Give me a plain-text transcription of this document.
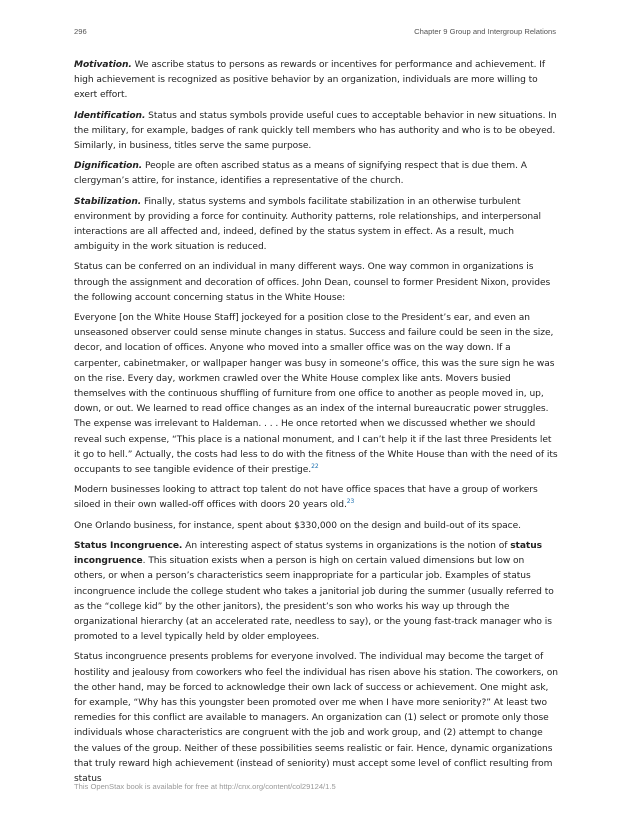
296	Chapter 9 Group and Intergroup Relations

Motivation. We ascribe status to persons as rewards or incentives for performance and achievement. If high achievement is recognized as positive behavior by an organization, individuals are more willing to exert effort.

Identification. Status and status symbols provide useful cues to acceptable behavior in new situations. In the military, for example, badges of rank quickly tell members who has authority and who is to be obeyed. Similarly, in business, titles serve the same purpose.

Dignification. People are often ascribed status as a means of signifying respect that is due them. A clergyman’s attire, for instance, identifies a representative of the church.

Stabilization. Finally, status systems and symbols facilitate stabilization in an otherwise turbulent environment by providing a force for continuity. Authority patterns, role relationships, and interpersonal interactions are all affected and, indeed, defined by the status system in effect. As a result, much ambiguity in the work situation is reduced.

Status can be conferred on an individual in many different ways. One way common in organizations is through the assignment and decoration of offices. John Dean, counsel to former President Nixon, provides the following account concerning status in the White House:

Everyone [on the White House Staff] jockeyed for a position close to the President’s ear, and even an unseasoned observer could sense minute changes in status. Success and failure could be seen in the size, decor, and location of offices. Anyone who moved into a smaller office was on the way down. If a carpenter, cabinetmaker, or wallpaper hanger was busy in someone’s office, this was the sure sign he was on the rise. Every day, workmen crawled over the White House complex like ants. Movers busied themselves with the continuous shuffling of furniture from one office to another as people moved in, up, down, or out. We learned to read office changes as an index of the internal bureaucratic power struggles. The expense was irrelevant to Haldeman. . . . He once retorted when we discussed whether we should reveal such expense, “This place is a national monument, and I can’t help it if the last three Presidents let it go to hell.” Actually, the costs had less to do with the fitness of the White House than with the need of its occupants to see tangible evidence of their prestige.$^{22}$

Modern businesses looking to attract top talent do not have office spaces that have a group of workers siloed in their own walled-off offices with doors 20 years old.$^{23}$

One Orlando business, for instance, spent about $330,000 on the design and build-out of its space.

Status Incongruence. An interesting aspect of status systems in organizations is the notion of status incongruence. This situation exists when a person is high on certain valued dimensions but low on others, or when a person’s characteristics seem inappropriate for a particular job. Examples of status incongruence include the college student who takes a janitorial job during the summer (usually referred to as the “college kid” by the other janitors), the president’s son who works his way up through the organizational hierarchy (at an accelerated rate, needless to say), or the young fast-track manager who is promoted to a level typically held by older employees.

Status incongruence presents problems for everyone involved. The individual may become the target of hostility and jealousy from coworkers who feel the individual has risen above his station. The coworkers, on the other hand, may be forced to acknowledge their own lack of success or achievement. One might ask, for example, “Why has this youngster been promoted over me when I have more seniority?” At least two remedies for this conflict are available to managers. An organization can (1) select or promote only those individuals whose characteristics are congruent with the job and work group, and (2) attempt to change the values of the group. Neither of these possibilities seems realistic or fair. Hence, dynamic organizations that truly reward high achievement (instead of seniority) must accept some level of conflict resulting from status

This OpenStax book is available for free at http://cnx.org/content/col29124/1.5
